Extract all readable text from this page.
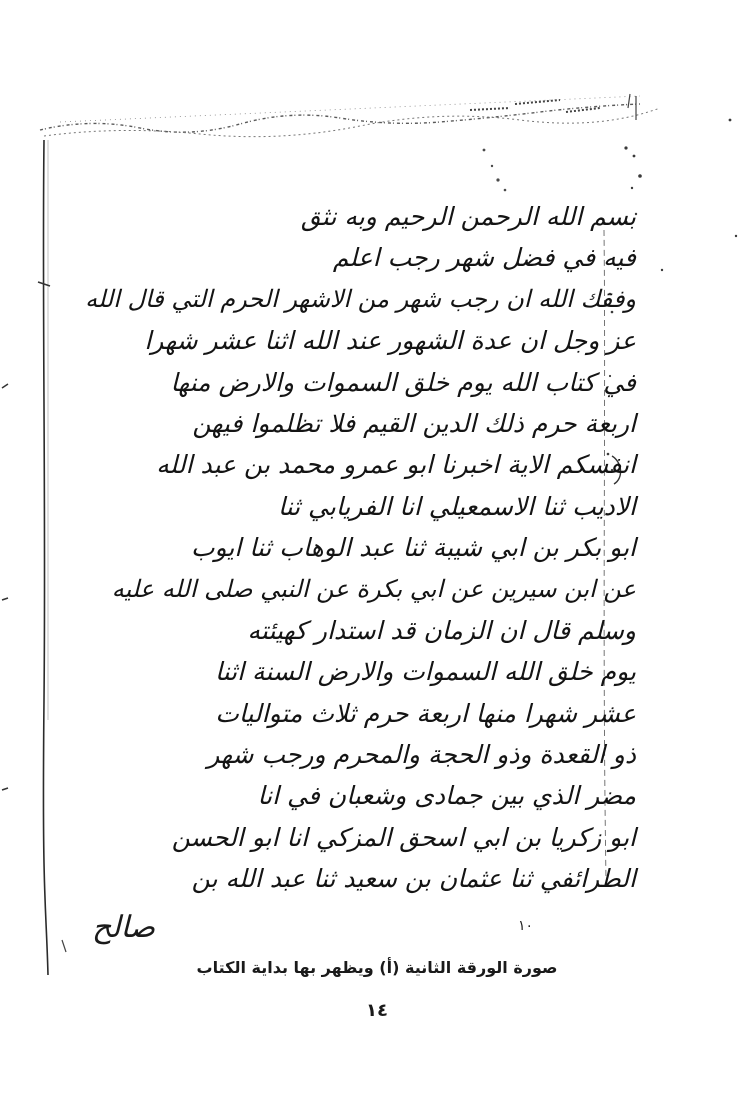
بسم الله الرحمن الرحيم وبه نثق
فيه في فضل شهر رجب اعلم
وفقك الله ان رجب شهر من الاشهر الحرم التي قال الله
عز وجل ان عدة الشهور عند الله اثنا عشر شهرا
في كتاب الله يوم خلق السموات والارض منها
اربعة حرم ذلك الدين القيم فلا تظلموا فيهن
انفسكم الاية اخبرنا ابو عمرو محمد بن عبد الله
الاديب ثنا الاسمعيلي انا الفريابي ثنا
ابو بكر بن ابي شيبة ثنا عبد الوهاب ثنا ايوب
عن ابن سيرين عن ابي بكرة عن النبي صلى الله عليه
وسلم قال ان الزمان قد استدار كهيئته
يوم خلق الله السموات والارض السنة اثنا
عشر شهرا منها اربعة حرم ثلاث متواليات
ذو القعدة وذو الحجة والمحرم ورجب شهر
مضر الذي بين جمادى وشعبان في انا
ابو زكريا بن ابي اسحق المزكي انا ابو الحسن
الطرائفي ثنا عثمان بن سعيد ثنا عبد الله بن
١٠
صالح
صورة الورقة الثانية (أ) ويظهر بها بداية الكتاب
١٤
